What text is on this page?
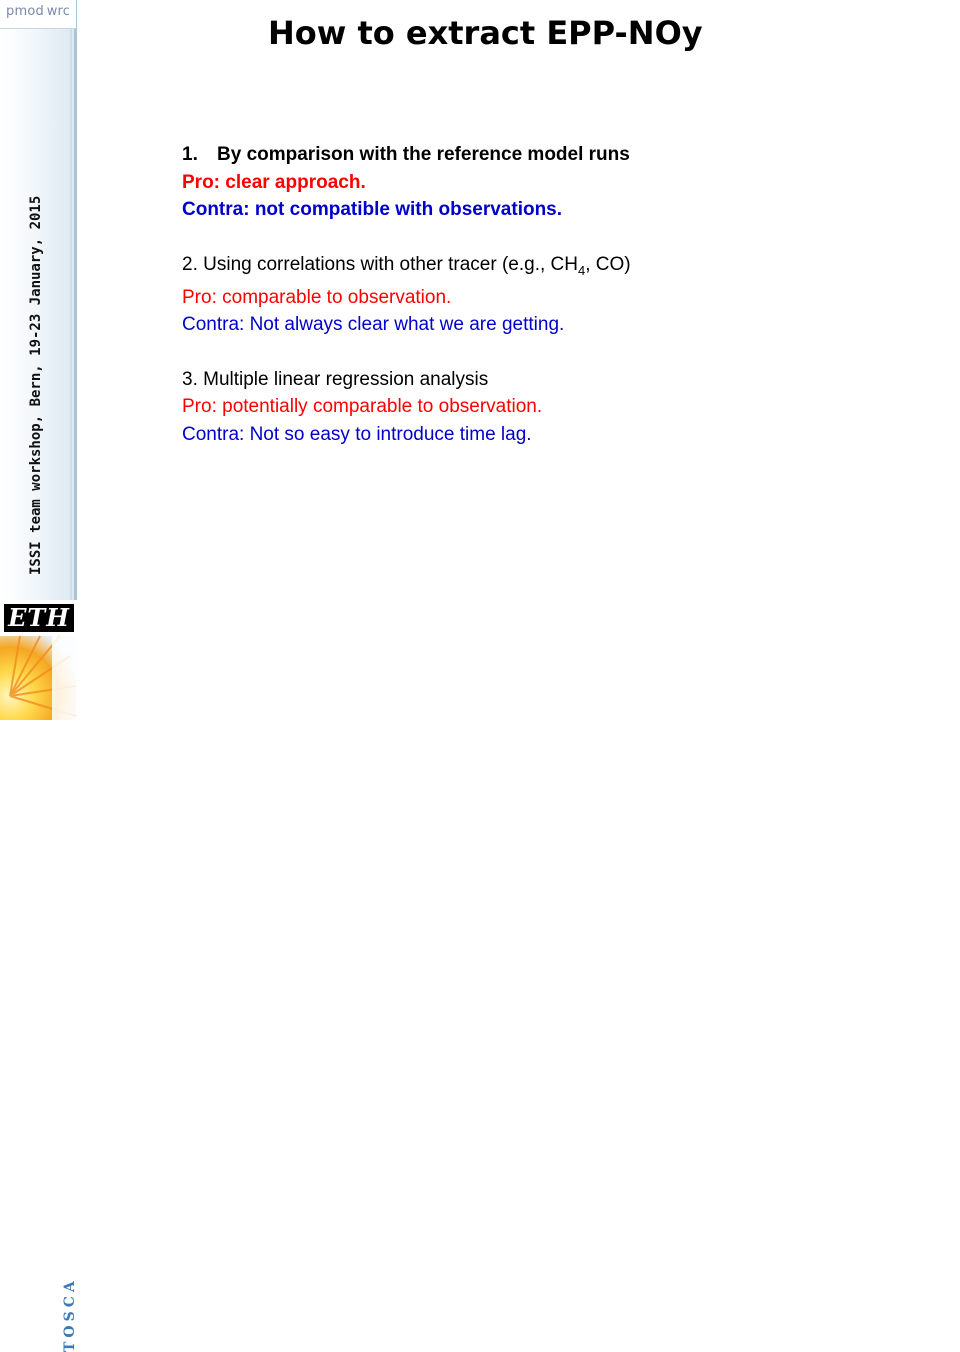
pmod wrc
ISSI team workshop, Bern, 19-23 January, 2015
ETH
TOSCA
How to extract EPP-NOy
1. By comparison with the reference model runs
Pro: clear approach.
Contra: not compatible with observations.
2. Using correlations with other tracer (e.g., $CH_4$, CO)
Pro: comparable to observation.
Contra: Not always clear what we are getting.
3. Multiple linear regression analysis
Pro: potentially comparable to observation.
Contra: Not so easy to introduce time lag.
